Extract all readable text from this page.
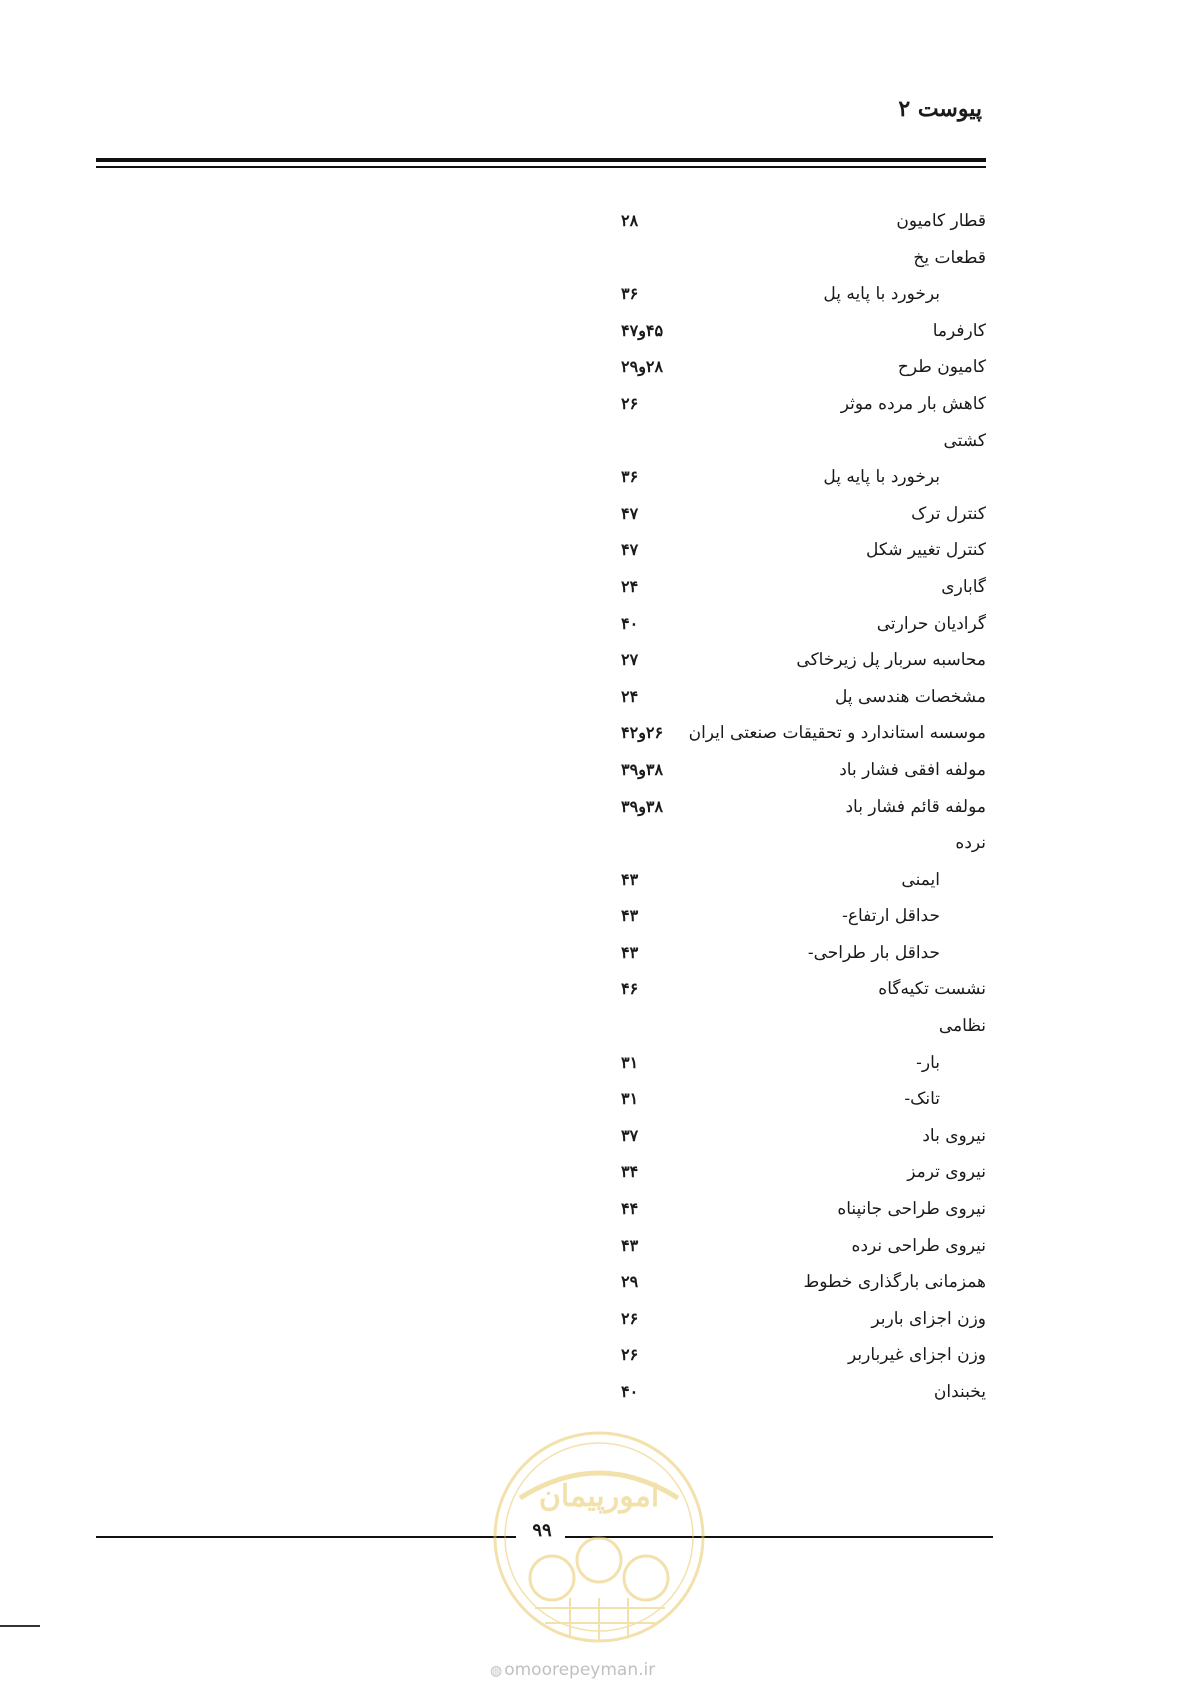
پیوست ۲
قطار کامیون
۲۸
قطعات یخ
برخورد با پایه پل
۳۶
کارفرما
۴۵و۴۷
کامیون طرح
۲۸و۲۹
کاهش بار مرده موثر
۲۶
کشتی
برخورد با پایه پل
۳۶
کنترل ترک
۴۷
کنترل تغییر شکل
۴۷
گاباری
۲۴
گرادیان حرارتی
۴۰
محاسبه سربار پل زیرخاکی
۲۷
مشخصات هندسی پل
۲۴
موسسه استاندارد و تحقیقات صنعتی ایران
۲۶و۴۲
مولفه افقی فشار باد
۳۸و۳۹
مولفه قائم فشار باد
۳۸و۳۹
نرده
ایمنی
۴۳
حداقل ارتفاع-
۴۳
حداقل بار طراحی-
۴۳
نشست تکیه‌گاه
۴۶
نظامی
بار-
۳۱
تانک-
۳۱
نیروی باد
۳۷
نیروی ترمز
۳۴
نیروی طراحی جانپناه
۴۴
نیروی طراحی نرده
۴۳
همزمانی بارگذاری خطوط
۲۹
وزن اجزای باربر
۲۶
وزن اجزای غیرباربر
۲۶
یخبندان
۴۰
۹۹
امورپیمان
◍ omoorepeyman.ir
